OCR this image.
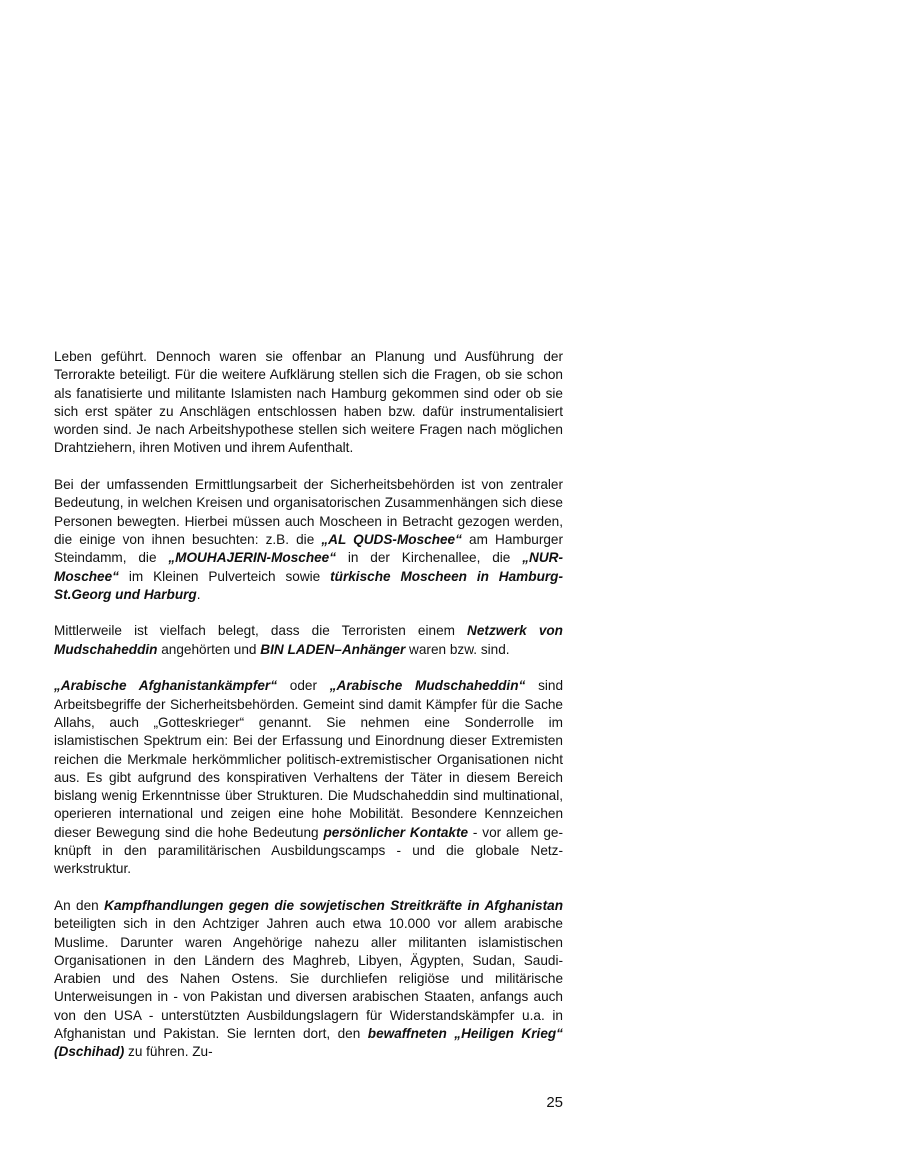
Leben geführt. Dennoch waren sie offenbar an Planung und Ausführung der Terrorakte beteiligt. Für die weitere Aufklärung stellen sich die Fragen, ob sie schon als fanatisierte und militante Islamisten nach Hamburg gekommen sind oder ob sie sich erst später zu Anschlägen entschlossen haben bzw. dafür instrumentalisiert worden sind. Je nach Arbeitshypothese stellen sich weitere Fragen nach möglichen Drahtziehern, ihren Motiven und ihrem Aufenthalt.

Bei der umfassenden Ermittlungsarbeit der Sicherheitsbehörden ist von zentraler Bedeutung, in welchen Kreisen und organisatorischen Zusammenhängen sich diese Personen bewegten. Hierbei müssen auch Moscheen in Betracht gezogen werden, die einige von ihnen besuchten: z.B. die „AL QUDS-Moschee“ am Hamburger Steindamm, die „MOUHAJERIN-Moschee“ in der Kirchenallee, die „NUR-Moschee“ im Kleinen Pulverteich sowie türkische Moscheen in Hamburg-St.Georg und Harburg.

Mittlerweile ist vielfach belegt, dass die Terroristen einem Netzwerk von Mudschaheddin angehörten und BIN LADEN–Anhänger waren bzw. sind.

„Arabische Afghanistankämpfer“ oder „Arabische Mudschaheddin“ sind Arbeitsbegriffe der Sicherheitsbehörden. Gemeint sind damit Kämpfer für die Sache Allahs, auch „Gotteskrieger“ genannt. Sie nehmen eine Sonderrolle im islamistischen Spektrum ein: Bei der Erfassung und Einordnung dieser Extremisten reichen die Merkmale herkömmlicher politisch-extremistischer Organisationen nicht aus. Es gibt aufgrund des konspirativen Verhaltens der Täter in diesem Bereich bislang wenig Erkenntnisse über Strukturen. Die Mudschaheddin sind multinational, operieren international und zeigen eine hohe Mobilität. Besondere Kennzeichen dieser Bewegung sind die hohe Bedeutung persönlicher Kontakte - vor allem geknüpft in den paramilitärischen Ausbildungscamps - und die globale Netzwerkstruktur.

An den Kampfhandlungen gegen die sowjetischen Streitkräfte in Afghanistan beteiligten sich in den Achtziger Jahren auch etwa 10.000 vor allem arabische Muslime. Darunter waren Angehörige nahezu aller militanten islamistischen Organisationen in den Ländern des Maghreb, Libyen, Ägypten, Sudan, Saudi-Arabien und des Nahen Ostens. Sie durchliefen religiöse und militärische Unterweisungen in - von Pakistan und diversen arabischen Staaten, anfangs auch von den USA - unterstützten Ausbildungslagern für Widerstandskämpfer u.a. in Afghanistan und Pakistan. Sie lernten dort, den bewaffneten „Heiligen Krieg“ (Dschihad) zu führen. Zu-

25
